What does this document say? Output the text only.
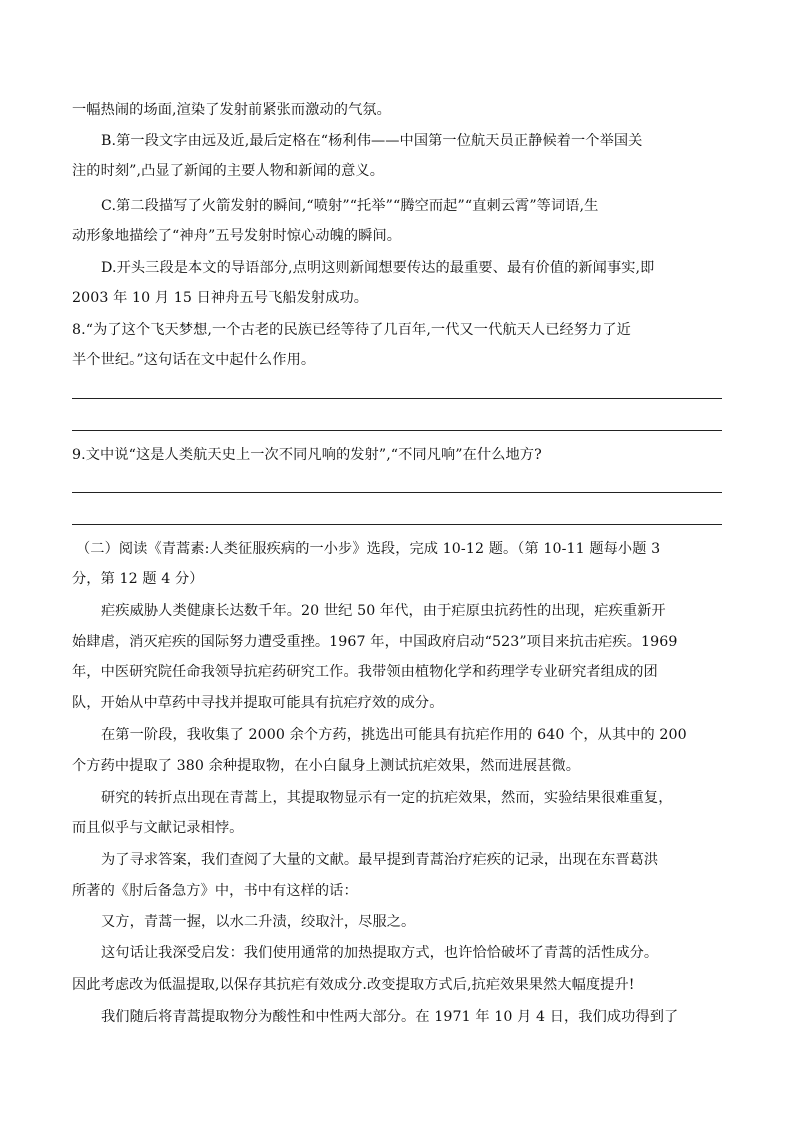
一幅热闹的场面,渲染了发射前紧张而激动的气氛。
B.第一段文字由远及近,最后定格在“杨利伟——中国第一位航天员正静候着一个举国关
注的时刻”,凸显了新闻的主要人物和新闻的意义。
C.第二段描写了火箭发射的瞬间,“喷射”“托举”“腾空而起”“直刺云霄”等词语,生
动形象地描绘了“神舟”五号发射时惊心动魄的瞬间。
D.开头三段是本文的导语部分,点明这则新闻想要传达的最重要、最有价值的新闻事实,即
2003 年 10 月 15 日神舟五号飞船发射成功。
8.“为了这个飞天梦想,一个古老的民族已经等待了几百年,一代又一代航天人已经努力了近
半个世纪。”这句话在文中起什么作用。
9.文中说“这是人类航天史上一次不同凡响的发射”,“不同凡响”在什么地方?
（二）阅读《青蒿素:人类征服疾病的一小步》选段，完成 10-12 题。（第 10-11 题每小题 3
分，第 12 题 4 分）
疟疾威胁人类健康长达数千年。20 世纪 50 年代，由于疟原虫抗药性的出现，疟疾重新开
始肆虐，消灭疟疾的国际努力遭受重挫。1967 年，中国政府启动“523”项目来抗击疟疾。1969
年，中医研究院任命我领导抗疟药研究工作。我带领由植物化学和药理学专业研究者组成的团
队，开始从中草药中寻找并提取可能具有抗疟疗效的成分。
在第一阶段，我收集了 2000 余个方药，挑选出可能具有抗疟作用的 640 个，从其中的 200
个方药中提取了 380 余种提取物，在小白鼠身上测试抗疟效果，然而进展甚微。
研究的转折点出现在青蒿上，其提取物显示有一定的抗疟效果，然而，实验结果很难重复，
而且似乎与文献记录相悖。
为了寻求答案，我们查阅了大量的文献。最早提到青蒿治疗疟疾的记录，出现在东晋葛洪
所著的《肘后备急方》中，书中有这样的话：
又方，青蒿一握，以水二升渍，绞取汁，尽服之。
这句话让我深受启发：我们使用通常的加热提取方式，也许恰恰破坏了青蒿的活性成分。
因此考虑改为低温提取,以保存其抗疟有效成分.改变提取方式后,抗疟效果果然大幅度提升!
我们随后将青蒿提取物分为酸性和中性两大部分。在 1971 年 10 月 4 日，我们成功得到了
